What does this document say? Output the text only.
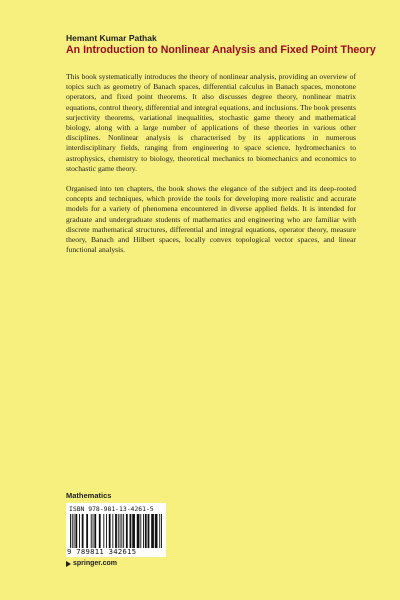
Hemant Kumar Pathak
An Introduction to Nonlinear Analysis and Fixed Point Theory

This book systematically introduces the theory of nonlinear analysis, providing an overview of topics such as geometry of Banach spaces, differential calculus in Banach spaces, monotone operators, and fixed point theorems. It also discusses degree theory, nonlinear matrix equations, control theory, differential and integral equations, and inclusions. The book presents surjectivity theorems, variational inequalities, stochastic game theory and mathematical biology, along with a large number of applications of these theories in various other disciplines. Nonlinear analysis is characterised by its applications in numerous interdisciplinary fields, ranging from engineering to space science, hydromechanics to astrophysics, chemistry to biology, theoretical mechanics to biomechanics and economics to stochastic game theory.

Organised into ten chapters, the book shows the elegance of the subject and its deep-rooted concepts and techniques, which provide the tools for developing more realistic and accurate models for a variety of phenomena encountered in diverse applied fields. It is intended for graduate and undergraduate students of mathematics and engineering who are familiar with discrete mathematical structures, differential and integral equations, operator theory, measure theory, Banach and Hilbert spaces, locally convex topological vector spaces, and linear functional analysis.

Mathematics
ISBN 978-981-13-4261-5
9 789811 342615
springer.com
